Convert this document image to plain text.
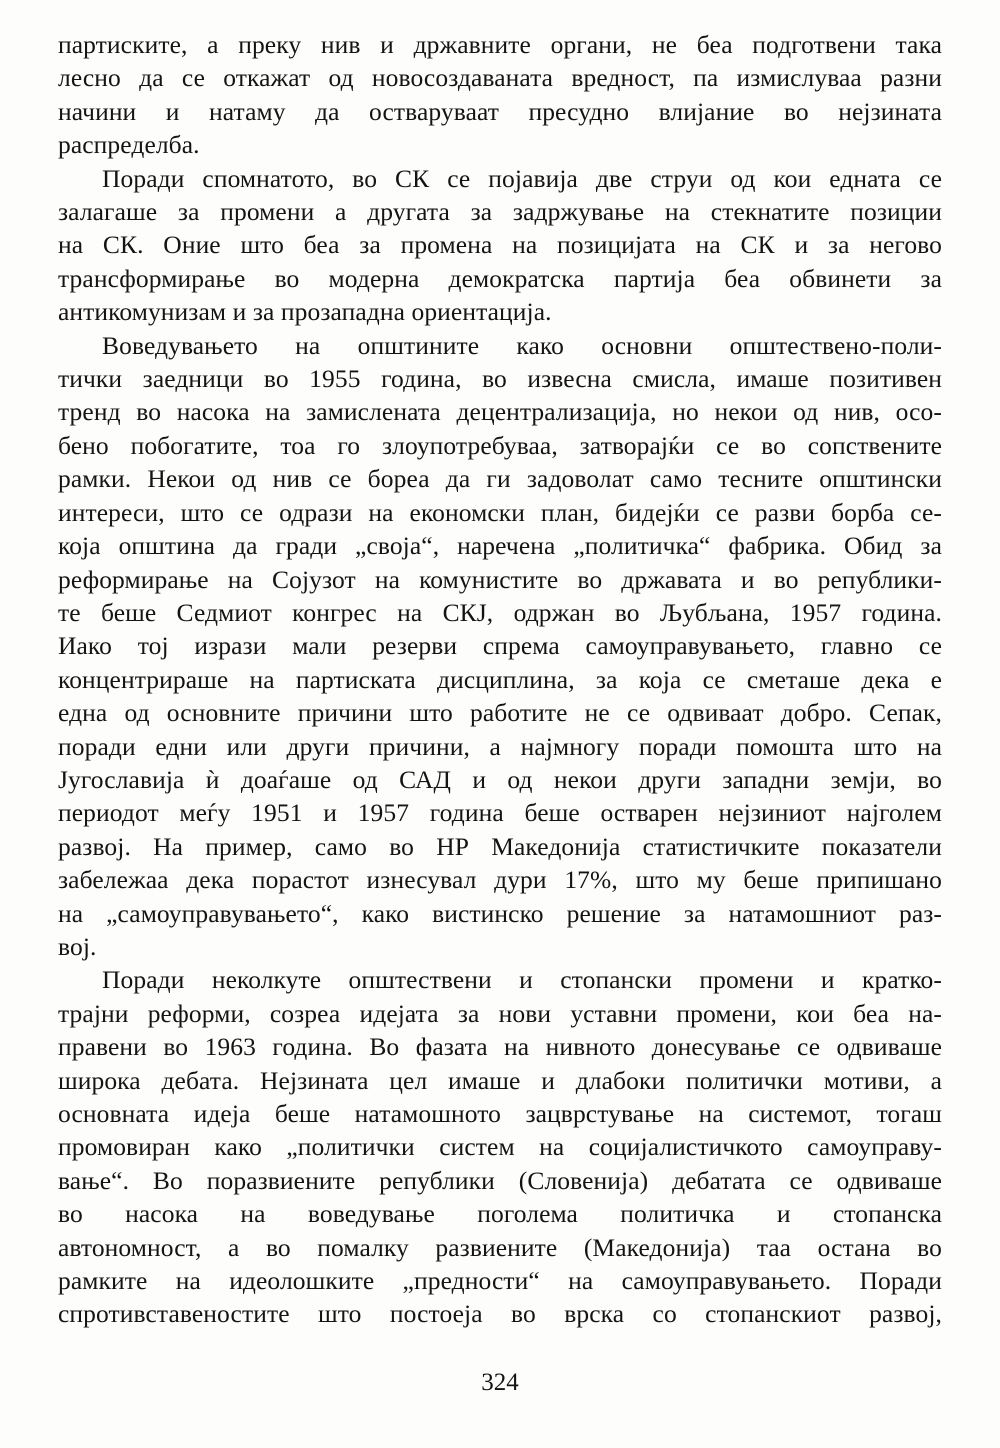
партиските, а преку нив и државните органи, не беа подготвени така
лесно да се откажат од новосоздаваната вредност, па измислуваа разни
начини и натаму да остваруваат пресудно влијание во нејзината
распределба.

Поради спомнатото, во СК се појавија две струи од кои едната се
залагаше за промени а другата за задржување на стекнатите позиции
на СК. Оние што беа за промена на позицијата на СК и за негово
трансформирање во модерна демократска партија беа обвинети за
антикомунизам и за прозападна ориентација.

Воведувањето на општините како основни општествено-поли-
тички заедници во 1955 година, во извесна смисла, имаше позитивен
тренд во насока на замислената децентрализација, но некои од нив, осо-
бено побогатите, тоа го злоупотребуваа, затворајќи се во сопствените
рамки. Некои од нив се бореа да ги задоволат само тесните општински
интереси, што се одрази на економски план, бидејќи се разви борба се-
која општина да гради „своја“, наречена „политичка“ фабрика. Обид за
реформирање на Сојузот на комунистите во државата и во републики-
те беше Седмиот конгрес на СКЈ, одржан во Љубљана, 1957 година.
Иако тој изрази мали резерви спрема самоуправувањето, главно се
концентрираше на партиската дисциплина, за која се сметаше дека е
една од основните причини што работите не се одвиваат добро. Сепак,
поради едни или други причини, а најмногу поради помошта што на
Југославија ѝ доаѓаше од САД и од некои други западни земји, во
периодот меѓу 1951 и 1957 година беше остварен нејзиниот најголем
развој. На пример, само во НР Македонија статистичките показатели
забележаа дека порастот изнесувал дури 17%, што му беше припишано
на „самоуправувањето“, како вистинско решение за натамошниот раз-
вој.

Поради неколкуте општествени и стопански промени и кратко-
трајни реформи, созреа идејата за нови уставни промени, кои беа на-
правени во 1963 година. Во фазата на нивното донесување се одвиваше
широка дебата. Нејзината цел имаше и длабоки политички мотиви, а
основната идеја беше натамошното зацврстување на системот, тогаш
промовиран како „политички систем на социјалистичкото самоуправу-
вање“. Во поразвиените републики (Словенија) дебатата се одвиваше
во насока на воведување поголема политичка и стопанска
автономност, а во помалку развиените (Македонија) таа остана во
рамките на идеолошките „предности“ на самоуправувањето. Поради
спротивставеностите што постоеја во врска со стопанскиот развој,

324
